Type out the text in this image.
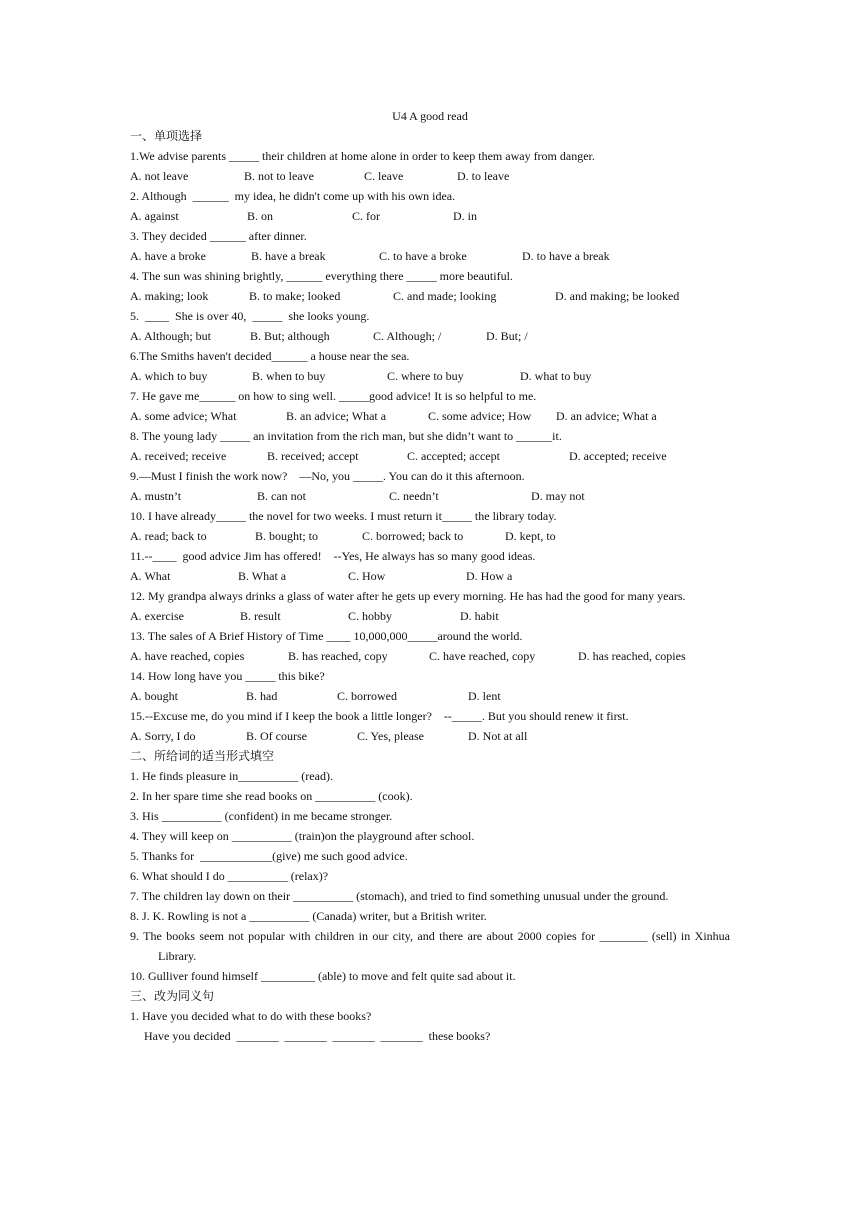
U4 A good read
一、单项选择
1.We advise parents _____ their children at home alone in order to keep them away from danger.
A. not leave	B. not to leave	C. leave	D. to leave
2. Although  ______  my idea, he didn't come up with his own idea.
A. against	B. on	C. for	D. in
3. They decided ______ after dinner.
A. have a broke	B. have a break	C. to have a broke	D. to have a break
4. The sun was shining brightly, ______ everything there _____ more beautiful.
A. making; look	B. to make; looked	C. and made; looking	D. and making; be looked
5.  ____  She is over 40,  _____  she looks young.
A. Although; but	B. But; although	C. Although; /	D. But; /
6.The Smiths haven't decided______ a house near the sea.
A. which to buy	B. when to buy	C. where to buy	D. what to buy
7. He gave me______ on how to sing well. _____good advice! It is so helpful to me.
A. some advice; What	B. an advice; What a	C. some advice; How	D. an advice; What a
8. The young lady _____ an invitation from the rich man, but she didn’t want to ______it.
A. received; receive	B. received; accept	C. accepted; accept	D. accepted; receive
9.—Must I finish the work now?    —No, you _____. You can do it this afternoon.
A. mustn’t	B. can not	C. needn’t	D. may not
10. I have already_____ the novel for two weeks. I must return it_____ the library today.
A. read; back to	B. bought; to	C. borrowed; back to	D. kept, to
11.--____  good advice Jim has offered!    --Yes, He always has so many good ideas.
A. What	B. What a	C. How	D. How a
12. My grandpa always drinks a glass of water after he gets up every morning. He has had the good for many years.
A. exercise	B. result	C. hobby	D. habit
13. The sales of A Brief History of Time ____ 10,000,000_____around the world.
A. have reached, copies	B. has reached, copy	C. have reached, copy	D. has reached, copies
14. How long have you _____ this bike?
A. bought	B. had	C. borrowed	D. lent
15.--Excuse me, do you mind if I keep the book a little longer?    --_____. But you should renew it first.
A. Sorry, I do	B. Of course	C. Yes, please	D. Not at all
二、所给词的适当形式填空
1. He finds pleasure in__________ (read).
2. In her spare time she read books on __________ (cook).
3. His __________ (confident) in me became stronger.
4. They will keep on __________ (train)on the playground after school.
5. Thanks for  ____________(give) me such good advice.
6. What should I do __________ (relax)?
7. The children lay down on their __________ (stomach), and tried to find something unusual under the ground.
8. J. K. Rowling is not a __________ (Canada) writer, but a British writer.
9. The books seem not popular with children in our city, and there are about 2000 copies for ________ (sell) in Xinhua Library.
10. Gulliver found himself _________ (able) to move and felt quite sad about it.
三、改为同义句
1. Have you decided what to do with these books?
Have you decided  _______  _______  _______  _______  these books?
